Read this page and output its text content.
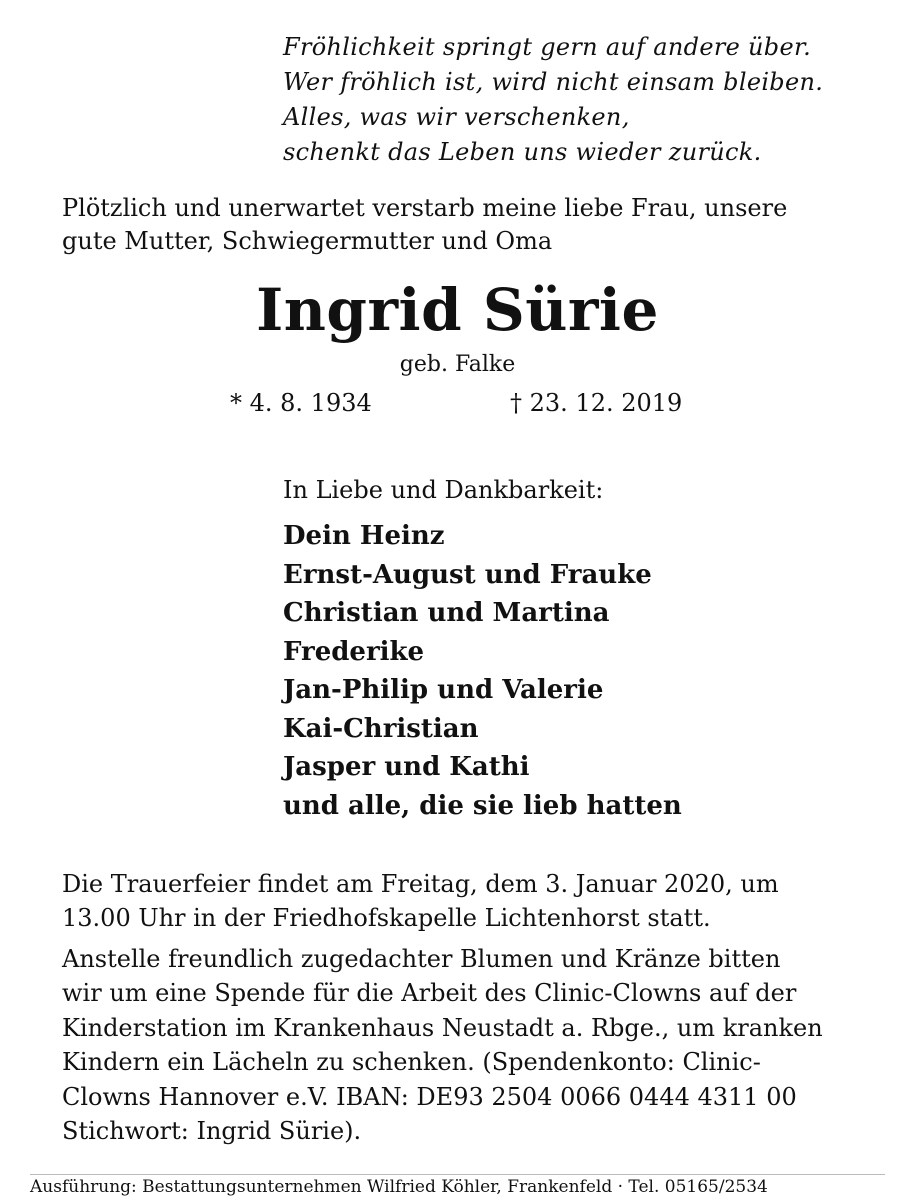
Fröhlichkeit springt gern auf andere über.
Wer fröhlich ist, wird nicht einsam bleiben.
Alles, was wir verschenken,
schenkt das Leben uns wieder zurück.
Plötzlich und unerwartet verstarb meine liebe Frau, unsere
gute Mutter, Schwiegermutter und Oma
Ingrid Sürie
geb. Falke
* 4. 8. 1934	† 23. 12. 2019
In Liebe und Dankbarkeit:
Dein Heinz
Ernst-August und Frauke
Christian und Martina
Frederike
Jan-Philip und Valerie
Kai-Christian
Jasper und Kathi
und alle, die sie lieb hatten
Die Trauerfeier findet am Freitag, dem 3. Januar 2020, um
13.00 Uhr in der Friedhofskapelle Lichtenhorst statt.
Anstelle freundlich zugedachter Blumen und Kränze bitten
wir um eine Spende für die Arbeit des Clinic-Clowns auf der
Kinderstation im Krankenhaus Neustadt a. Rbge., um kranken
Kindern ein Lächeln zu schenken. (Spendenkonto: Clinic-
Clowns Hannover e.V. IBAN: DE93 2504 0066 0444 4311 00
Stichwort: Ingrid Sürie).
Ausführung: Bestattungsunternehmen Wilfried Köhler, Frankenfeld · Tel. 05165/2534
